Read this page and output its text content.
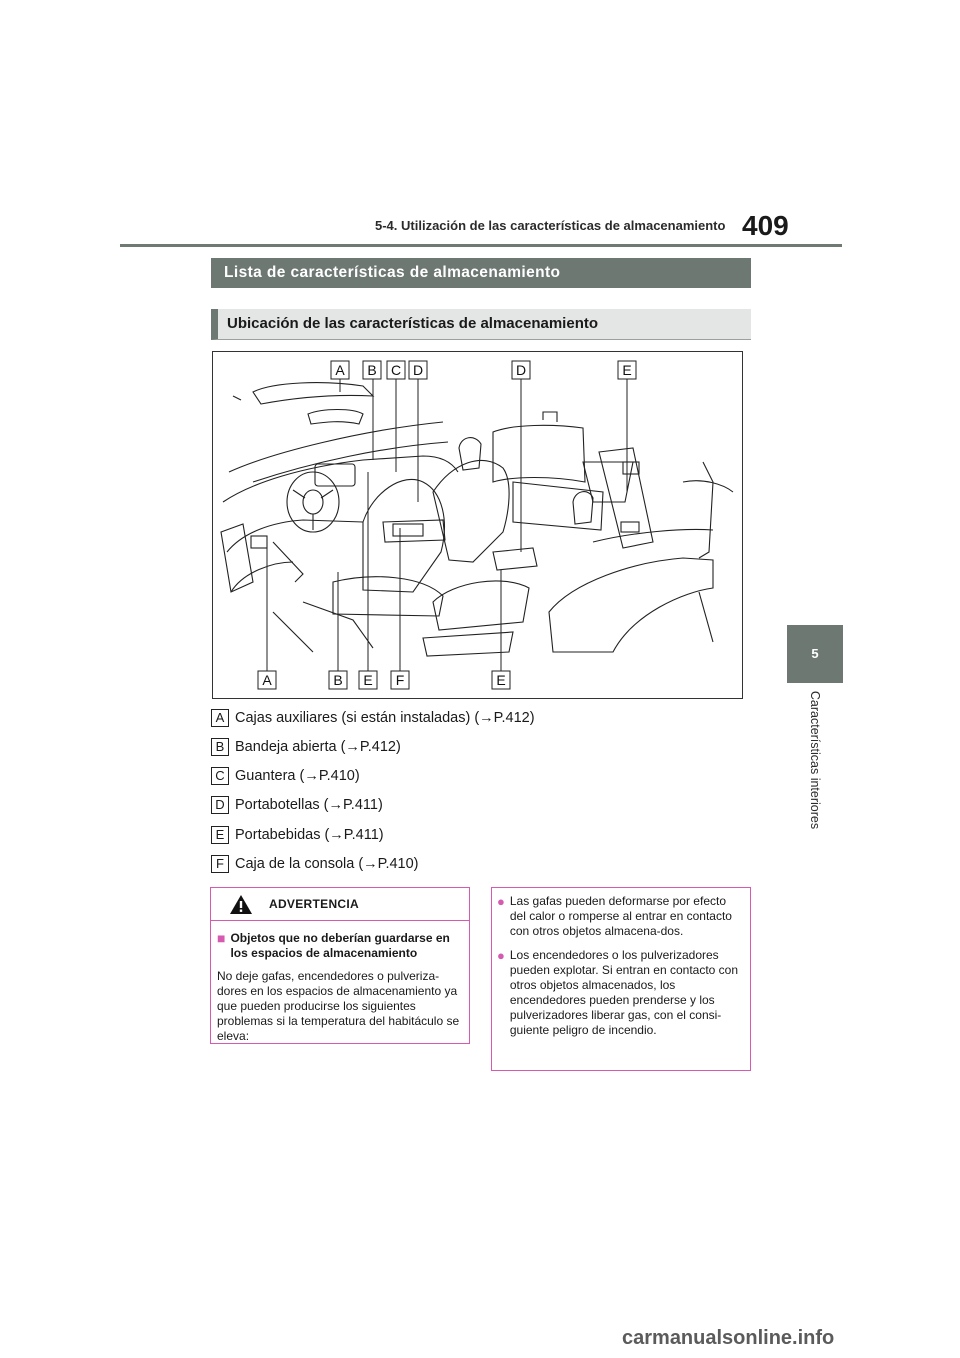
5-4. Utilización de las características de almacenamiento 409
Lista de características de almacenamiento
Ubicación de las características de almacenamiento
A B C D	D	E
A	B E F	E
A Cajas auxiliares (si están instaladas) (→P.412)
B Bandeja abierta (→P.412)
C Guantera (→P.410)
D Portabotellas (→P.411)
E Portabebidas (→P.411)
F Caja de la consola (→P.410)
ADVERTENCIA
■ Objetos que no deberían guardarse en los espacios de almacenamiento
No deje gafas, encendedores o pulveriza-dores en los espacios de almacenamiento ya que pueden producirse los siguientes problemas si la temperatura del habitáculo se eleva:
● Las gafas pueden deformarse por efecto del calor o romperse al entrar en contacto con otros objetos almacena-dos.
● Los encendedores o los pulverizadores pueden explotar. Si entran en contacto con otros objetos almacenados, los encendedores pueden prenderse y los pulverizadores liberar gas, con el consi-guiente peligro de incendio.
5
Características interiores
carmanualsonline.info
